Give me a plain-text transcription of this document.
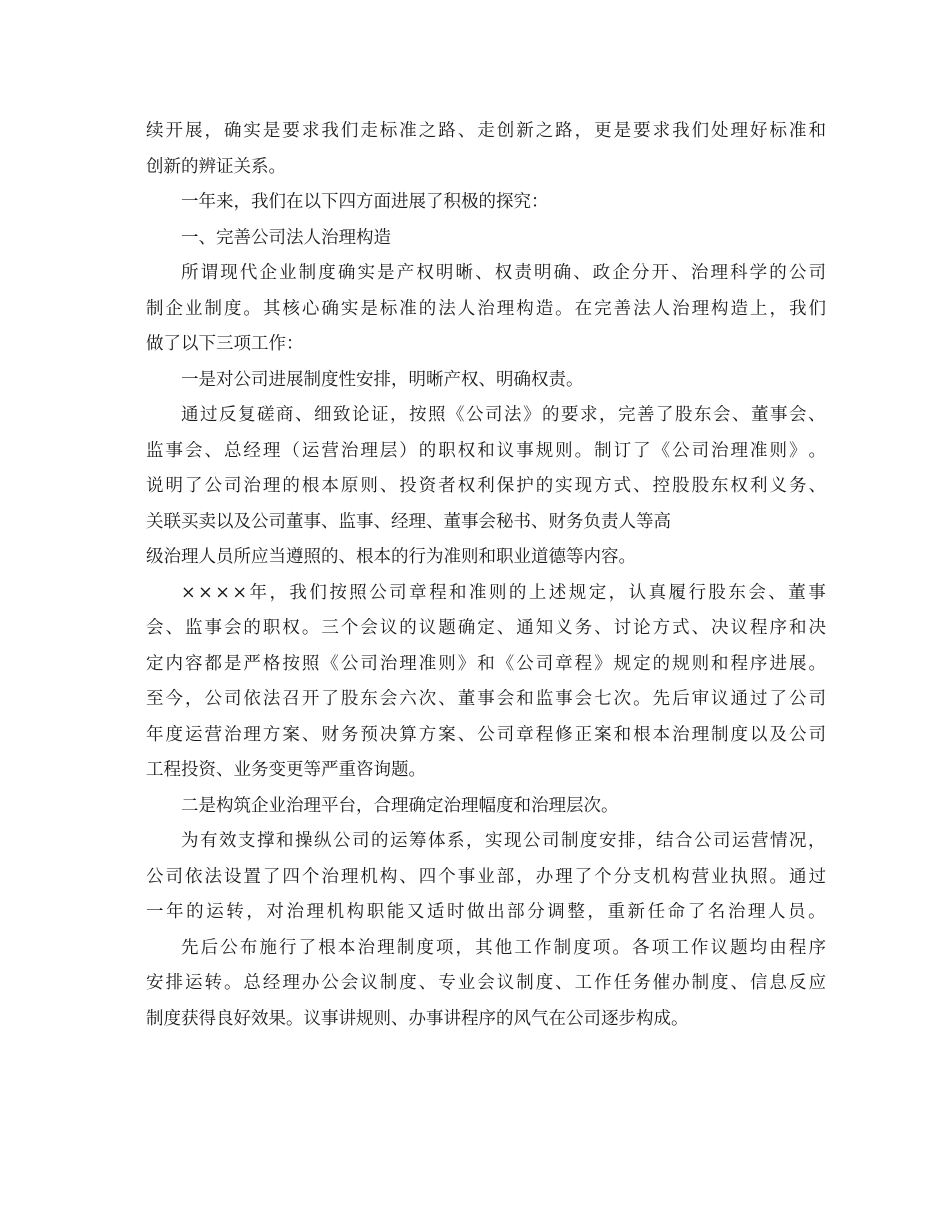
续 开 展 ， 确 实 是 要 求 我 们 走 标 准 之 路 、 走 创 新 之 路 ， 更 是 要 求 我 们 处 理 好 标 准 和
创新的辨证关系。
一年来，我们在以下四方面进展了积极的探究：
一、完善公司法人治理构造
所 谓 现 代 企 业 制 度 确 实 是 产 权 明 晰 、 权 责 明 确 、 政 企 分 开 、 治 理 科 学 的 公 司
制 企 业 制 度 。 其 核 心 确 实 是 标 准 的 法 人 治 理 构 造 。 在 完 善 法 人 治 理 构 造 上 ， 我 们
做了以下三项工作：
一是对公司进展制度性安排，明晰产权、明确权责。
通 过 反 复 磋 商 、 细 致 论 证 ， 按 照 《 公 司 法 》 的 要 求 ， 完 善 了 股 东 会 、 董 事 会 、
监 事 会 、 总 经 理 （ 运 营 治 理 层 ） 的 职 权 和 议 事 规 则 。 制 订 了 《 公 司 治 理 准 则 》 。
说 明 了 公 司 治 理 的 根 本 原 则 、 投 资 者 权 利 保 护 的 实 现 方 式 、 控 股 股 东 权 利 义 务 、
关联买卖以及公司董事、监事、经理、董事会秘书、财务负责人等高
级治理人员所应当遵照的、根本的行为准则和职业道德等内容。
× × × × 年 ， 我 们 按 照 公 司 章 程 和 准 则 的 上 述 规 定 ， 认 真 履 行 股 东 会 、 董 事
会 、 监 事 会 的 职 权 。 三 个 会 议 的 议 题 确 定 、 通 知 义 务 、 讨 论 方 式 、 决 议 程 序 和 决
定 内 容 都 是 严 格 按 照 《 公 司 治 理 准 则 》 和 《 公 司 章 程 》 规 定 的 规 则 和 程 序 进 展 。
至 今 ， 公 司 依 法 召 开 了 股 东 会 六 次 、 董 事 会 和 监 事 会 七 次 。 先 后 审 议 通 过 了 公 司
年 度 运 营 治 理 方 案 、 财 务 预 决 算 方 案 、 公 司 章 程 修 正 案 和 根 本 治 理 制 度 以 及 公 司
工程投资、业务变更等严重咨询题。
二是构筑企业治理平台，合理确定治理幅度和治理层次。
为 有 效 支 撑 和 操 纵 公 司 的 运 筹 体 系 ， 实 现 公 司 制 度 安 排 ， 结 合 公 司 运 营 情 况 ，
公 司 依 法 设 置 了 四 个 治 理 机 构 、 四 个 事 业 部 ， 办 理 了 个 分 支 机 构 营 业 执 照 。 通 过
一 年 的 运 转 ， 对 治 理 机 构 职 能 又 适 时 做 出 部 分 调 整 ， 重 新 任 命 了 名 治 理 人 员 。
先 后 公 布 施 行 了 根 本 治 理 制 度 项 ， 其 他 工 作 制 度 项 。 各 项 工 作 议 题 均 由 程 序
安 排 运 转 。 总 经 理 办 公 会 议 制 度 、 专 业 会 议 制 度 、 工 作 任 务 催 办 制 度 、 信 息 反 应
制度获得良好效果。议事讲规则、办事讲程序的风气在公司逐步构成。
